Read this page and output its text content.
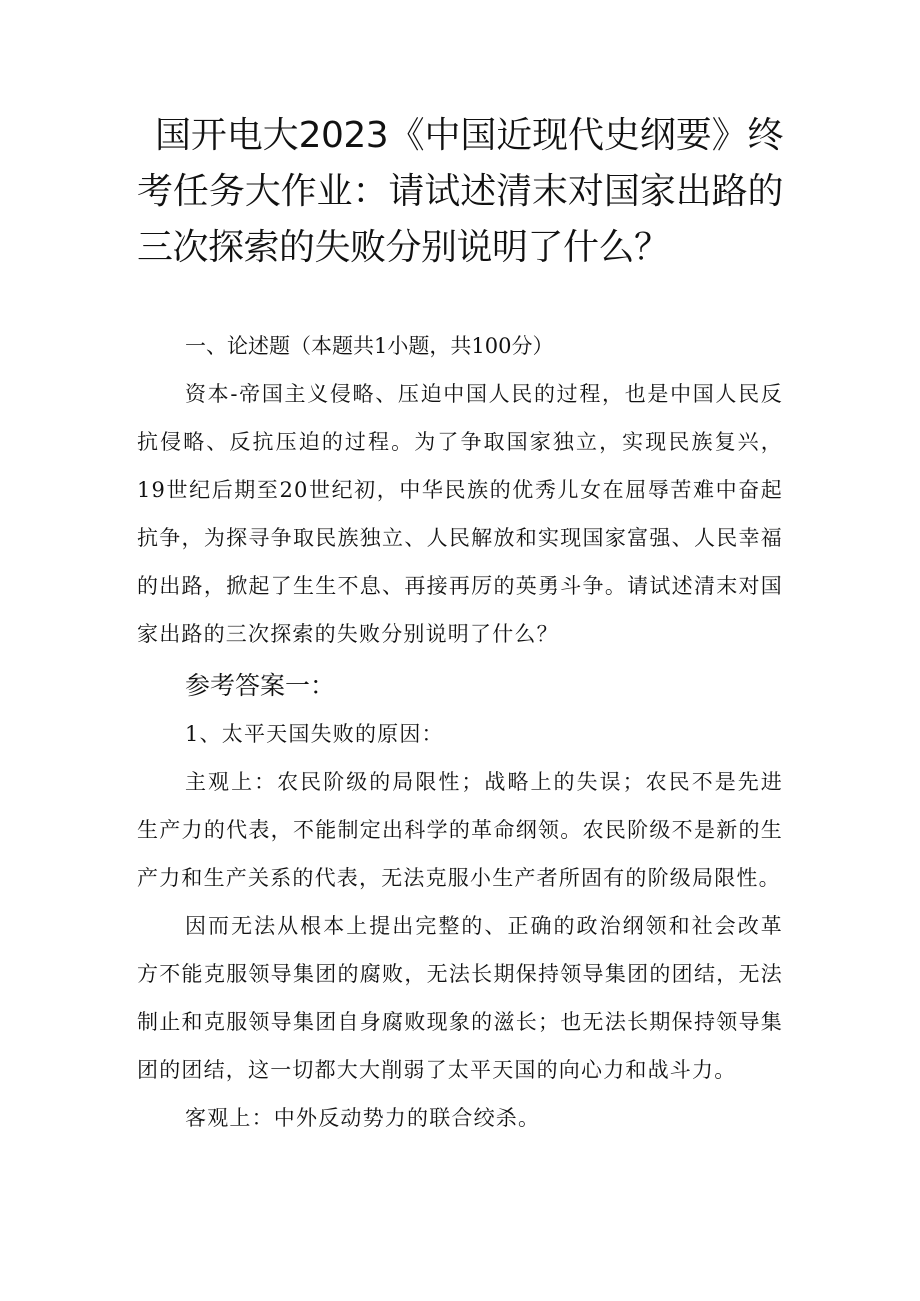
国开电大2023《中国近现代史纲要》终考任务大作业：请试述清末对国家出路的三次探索的失败分别说明了什么？

一、论述题（本题共1小题，共100分）

资本-帝国主义侵略、压迫中国人民的过程，也是中国人民反抗侵略、反抗压迫的过程。为了争取国家独立，实现民族复兴，19世纪后期至20世纪初，中华民族的优秀儿女在屈辱苦难中奋起抗争，为探寻争取民族独立、人民解放和实现国家富强、人民幸福的出路，掀起了生生不息、再接再厉的英勇斗争。请试述清末对国家出路的三次探索的失败分别说明了什么？

参考答案一：

1、太平天国失败的原因：

主观上：农民阶级的局限性；战略上的失误；农民不是先进生产力的代表，不能制定出科学的革命纲领。农民阶级不是新的生产力和生产关系的代表，无法克服小生产者所固有的阶级局限性。

因而无法从根本上提出完整的、正确的政治纲领和社会改革方不能克服领导集团的腐败，无法长期保持领导集团的团结，无法制止和克服领导集团自身腐败现象的滋长；也无法长期保持领导集团的团结，这一切都大大削弱了太平天国的向心力和战斗力。

客观上：中外反动势力的联合绞杀。
